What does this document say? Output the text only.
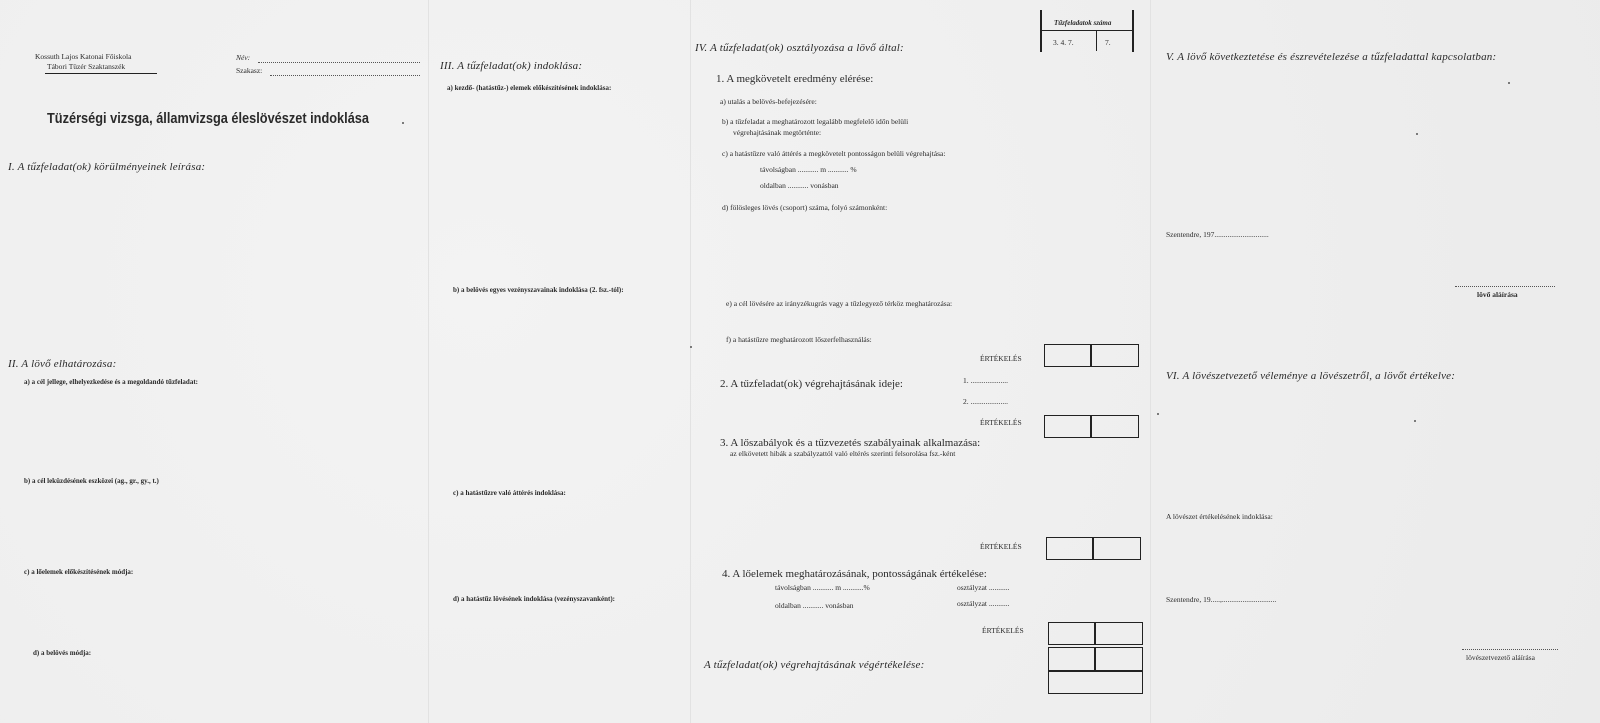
Kossuth Lajos Katonai Főiskola
Tábori Tüzér Szaktanszék
Név:
Szakasz:
Tüzérségi vizsga, államvizsga éleslövészet indoklása
I. A tűzfeladat(ok) körülményeinek leírása:
II. A lövő elhatározása:
a) a cél jellege, elhelyezkedése és a megoldandó tűzfeladat:
b) a cél leküzdésének eszközei (ag., gr., gy., t.)
c) a lőelemek előkészítésének módja:
d) a belövés módja:
III. A tűzfeladat(ok) indoklása:
a) kezdő- (hatástűz-) elemek előkészítésének indoklása:
b) a belövés egyes vezényszavainak indoklása (2. fsz.-tól):
c) a hatástűzre való áttérés indoklása:
d) a hatástűz lövésének indoklása (vezényszavanként):
Tűzfeladatok száma
3. 4. 7.	7.
IV. A tűzfeladat(ok) osztályozása a lövő által:
1. A megkövetelt eredmény elérése:
a) utalás a belövés-befejezésére:
b) a tűzfeladat a meghatározott legalább megfelelő időn belüli
végrehajtásának megtörténte:
c) a hatástűzre való áttérés a megkövetelt pontosságon belüli végrehajtása:
távolságban ........... m ........... %
oldalban ........... vonásban
d) fölösleges lövés (csoport) száma, folyó számonként:
e) a cél lövésére az irányzékugrás vagy a tűzlegyező térköz meghatározása:
f) a hatástűzre meghatározott lőszerfelhasználás:
ÉRTÉKELÉS
2. A tűzfeladat(ok) végrehajtásának ideje:	1. ....................
2. ....................
ÉRTÉKELÉS
3. A lőszabályok és a tűzvezetés szabályainak alkalmazása:
az elkövetett hibák a szabályzattól való eltérés szerinti felsorolása fsz.-ként
ÉRTÉKELÉS
4. A lőelemek meghatározásának, pontosságának értékelése:
távolságban ........... m ...........%
oldalban ........... vonásban
osztályzat ...........
osztályzat ...........
ÉRTÉKELÉS
A tűzfeladat(ok) végrehajtásának végértékelése:
V. A lövő következtetése és észrevételezése a tűzfeladattal kapcsolatban:
Szentendre, 197.............................
lövő aláírása
VI. A lövészetvezető véleménye a lövészetről, a lövőt értékelve:
A lövészet értékelésének indoklása:
Szentendre, 19.....,.............................
lövészetvezető aláírása
